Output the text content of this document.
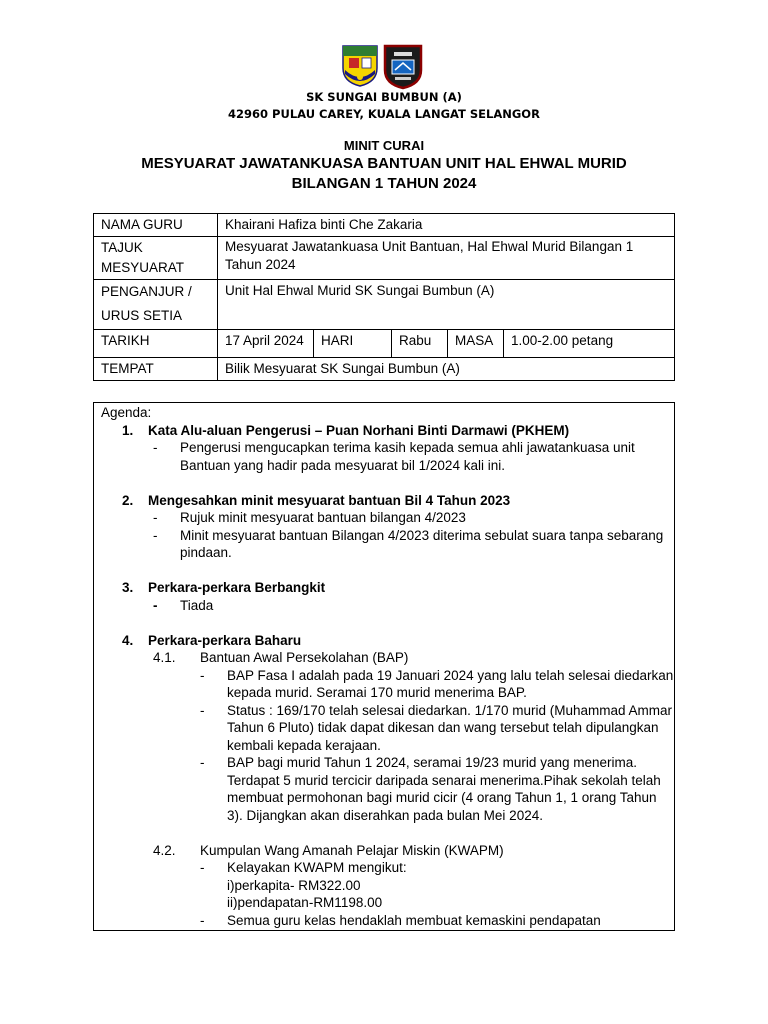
SK SUNGAI BUMBUN (A)
42960 PULAU CAREY, KUALA LANGAT SELANGOR
MINIT CURAI
MESYUARAT JAWATANKUASA BANTUAN UNIT HAL EHWAL MURID
BILANGAN 1 TAHUN 2024
NAMA GURU	Khairani Hafiza binti Che Zakaria				
TAJUK MESYUARAT	Mesyuarat Jawatankuasa Unit Bantuan, Hal Ehwal Murid Bilangan 1 Tahun 2024				
PENGANJUR / URUS SETIA	Unit Hal Ehwal Murid SK Sungai Bumbun (A)				
TARIKH	17 April 2024	HARI	Rabu	MASA	1.00-2.00 petang
TEMPAT	Bilik Mesyuarat SK Sungai Bumbun (A)				
Agenda:
1.	Kata Alu-aluan Pengerusi – Puan Norhani Binti Darmawi (PKHEM)
-	Pengerusi mengucapkan terima kasih kepada semua ahli jawatankuasa unit Bantuan yang hadir pada mesyuarat bil 1/2024 kali ini.
2.	Mengesahkan minit mesyuarat bantuan Bil 4 Tahun 2023
-	Rujuk minit mesyuarat bantuan bilangan 4/2023
-	Minit mesyuarat bantuan Bilangan 4/2023 diterima sebulat suara tanpa sebarang pindaan.
3.	Perkara-perkara Berbangkit
-	Tiada
4.	Perkara-perkara Baharu
4.1.	Bantuan Awal Persekolahan (BAP)
-	BAP Fasa I adalah pada 19 Januari 2024 yang lalu telah selesai diedarkan kepada murid. Seramai 170 murid menerima BAP.
-	Status : 169/170 telah selesai diedarkan. 1/170 murid (Muhammad Ammar Tahun 6 Pluto) tidak dapat dikesan dan wang tersebut telah dipulangkan kembali kepada kerajaan.
-	BAP bagi murid Tahun 1 2024, seramai 19/23 murid yang menerima. Terdapat 5 murid tercicir daripada senarai menerima.Pihak sekolah telah membuat permohonan bagi murid cicir (4 orang Tahun 1, 1 orang Tahun 3). Dijangkan akan diserahkan pada bulan Mei 2024.
4.2.	Kumpulan Wang Amanah Pelajar Miskin (KWAPM)
-	Kelayakan KWAPM mengikut:
i)perkapita- RM322.00
ii)pendapatan-RM1198.00
-	Semua guru kelas hendaklah membuat kemaskini pendapatan
